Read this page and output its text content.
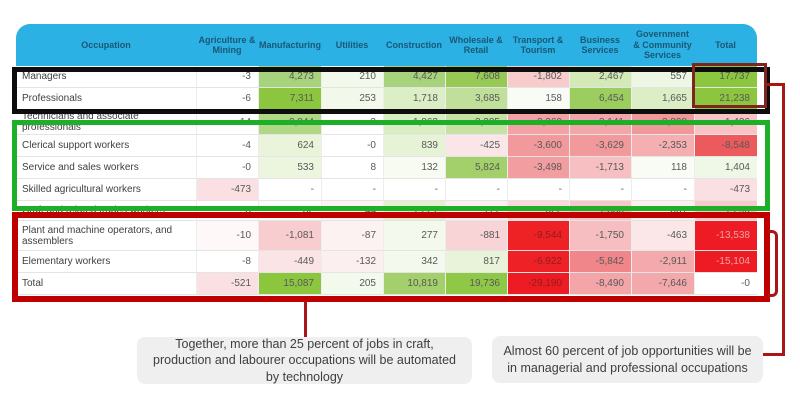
Occupation	Agriculture & Mining	Manufacturing	Utilities	Construction	Wholesale & Retail	Transport & Tourism	Business Services	Government & Community Services	Total
Managers	-3	4,273	210	4,427	7,608	-1,802	2,467	557	17,737
Professionals	-6	7,311	253	1,718	3,685	158	6,454	1,665	21,238
Technicians and associate professionals	-14	3,844	-2	1,863	3,285	-3,360	-3,141	-3,898	-1,426
Clerical support workers	-4	624	-0	839	-425	-3,600	-3,629	-2,353	-8,548
Service and sales workers	-0	533	8	132	5,824	-3,498	-1,713	118	1,404
Skilled agricultural workers	-473	-	-	-	-	-	-	-	-473
Craft and related trades workers	-3	32	-44	1,221	-177	-622	-1,336	-361	-1,290
Plant and machine operators, and assemblers	-10	-1,081	-87	277	-881	-9,544	-1,750	-463	-13,538
Elementary workers	-8	-449	-132	342	817	-6,922	-5,842	-2,911	-15,104
Total	-521	15,087	205	10,819	19,736	-29,190	-8,490	-7,646	-0
Together, more than 25 percent of jobs in craft, production and labourer occupations will be automated by technology
Almost 60 percent of job opportunities will be in managerial and professional occupations
